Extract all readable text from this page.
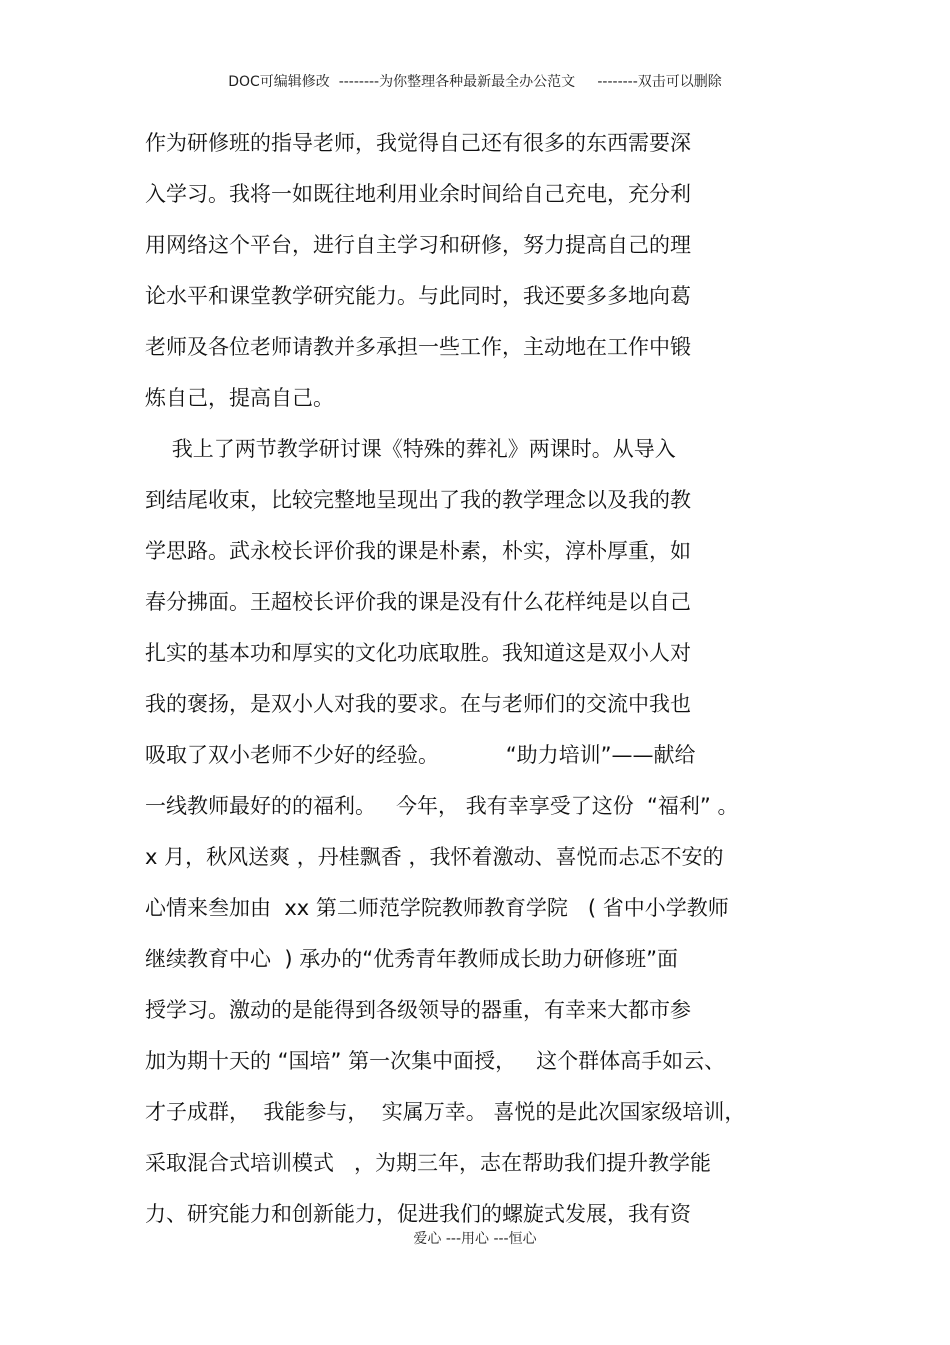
DOC可编辑修改  --------为你整理各种最新最全办公范文     --------双击可以删除
作为研修班的指导老师，我觉得自己还有很多的东西需要深
入学习。我将一如既往地利用业余时间给自己充电，充分利
用网络这个平台，进行自主学习和研修，努力提高自己的理
论水平和课堂教学研究能力。与此同时，我还要多多地向葛
老师及各位老师请教并多承担一些工作，主动地在工作中锻
炼自己，提高自己。
我上了两节教学研讨课《特殊的葬礼》两课时。从导入
到结尾收束，比较完整地呈现出了我的教学理念以及我的教
学思路。武永校长评价我的课是朴素，朴实，淳朴厚重，如
春分拂面。王超校长评价我的课是没有什么花样纯是以自己
扎实的基本功和厚实的文化功底取胜。我知道这是双小人对
我的褒扬，是双小人对我的要求。在与老师们的交流中我也
吸取了双小老师不少好的经验。          “助力培训”——献给
一线教师最好的的福利。   今年， 我有幸享受了这份  “福利” 。
x 月，秋风送爽 ，丹桂飘香 ，我怀着激动、喜悦而忐忑不安的
心情来叁加由  xx 第二师范学院教师教育学院   ( 省中小学教师
继续教育中心  ) 承办的“优秀青年教师成长助力研修班”面
授学习。激动的是能得到各级领导的器重，有幸来大都市参
加为期十天的 “国培” 第一次集中面授，   这个群体高手如云、
才子成群，  我能参与，  实属万幸。 喜悦的是此次国家级培训，
采取混合式培训模式   ，为期三年，志在帮助我们提升教学能
力、研究能力和创新能力，促进我们的螺旋式发展，我有资
爱心 ---用心 ---恒心
